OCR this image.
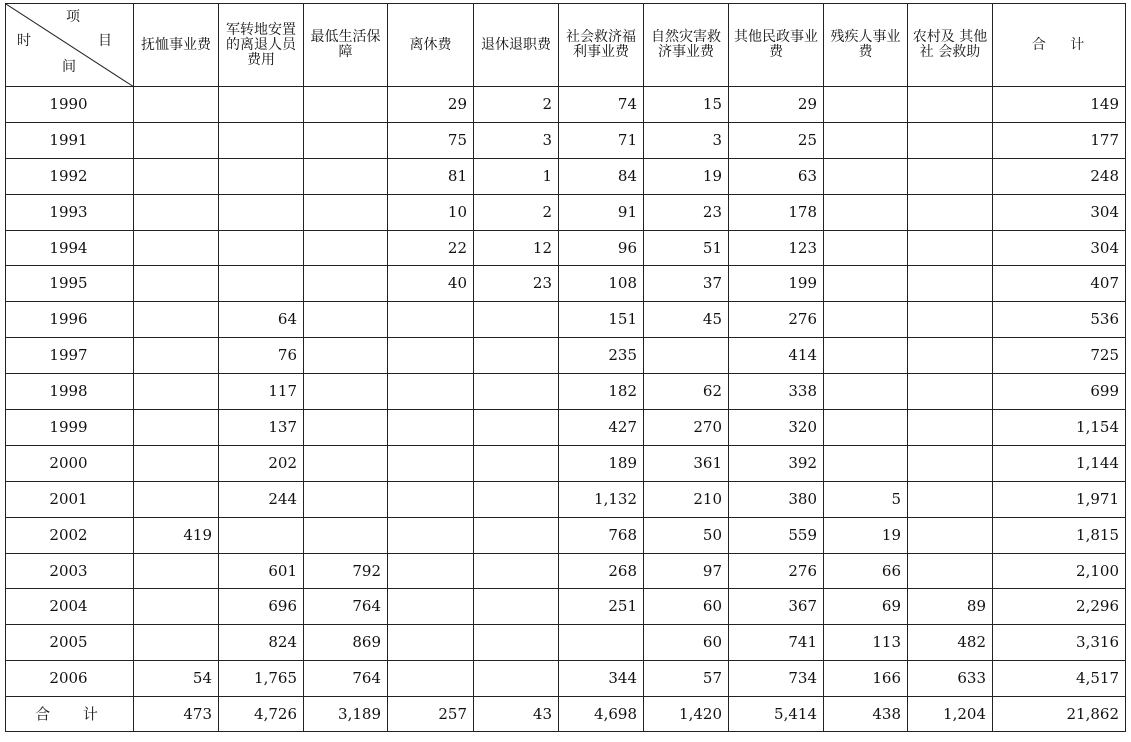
项
目
时
间	抚恤事业费	军转地安置的离退人员费用	最低生活保障	离休费	退休退职费	社会救济福利事业费	自然灾害救济事业费	其他民政事业费	残疾人事业费	农村及 其他社 会救助	合 计
1990				29	2	74	15	29			149
1991				75	3	71	3	25			177
1992				81	1	84	19	63			248
1993				10	2	91	23	178			304
1994				22	12	96	51	123			304
1995				40	23	108	37	199			407
1996		64				151	45	276			536
1997		76				235		414			725
1998		117				182	62	338			699
1999		137				427	270	320			1,154
2000		202				189	361	392			1,144
2001		244				1,132	210	380	5		1,971
2002	419					768	50	559	19		1,815
2003		601	792			268	97	276	66		2,100
2004		696	764			251	60	367	69	89	2,296
2005		824	869				60	741	113	482	3,316
2006	54	1,765	764			344	57	734	166	633	4,517
合 计	473	4,726	3,189	257	43	4,698	1,420	5,414	438	1,204	21,862
